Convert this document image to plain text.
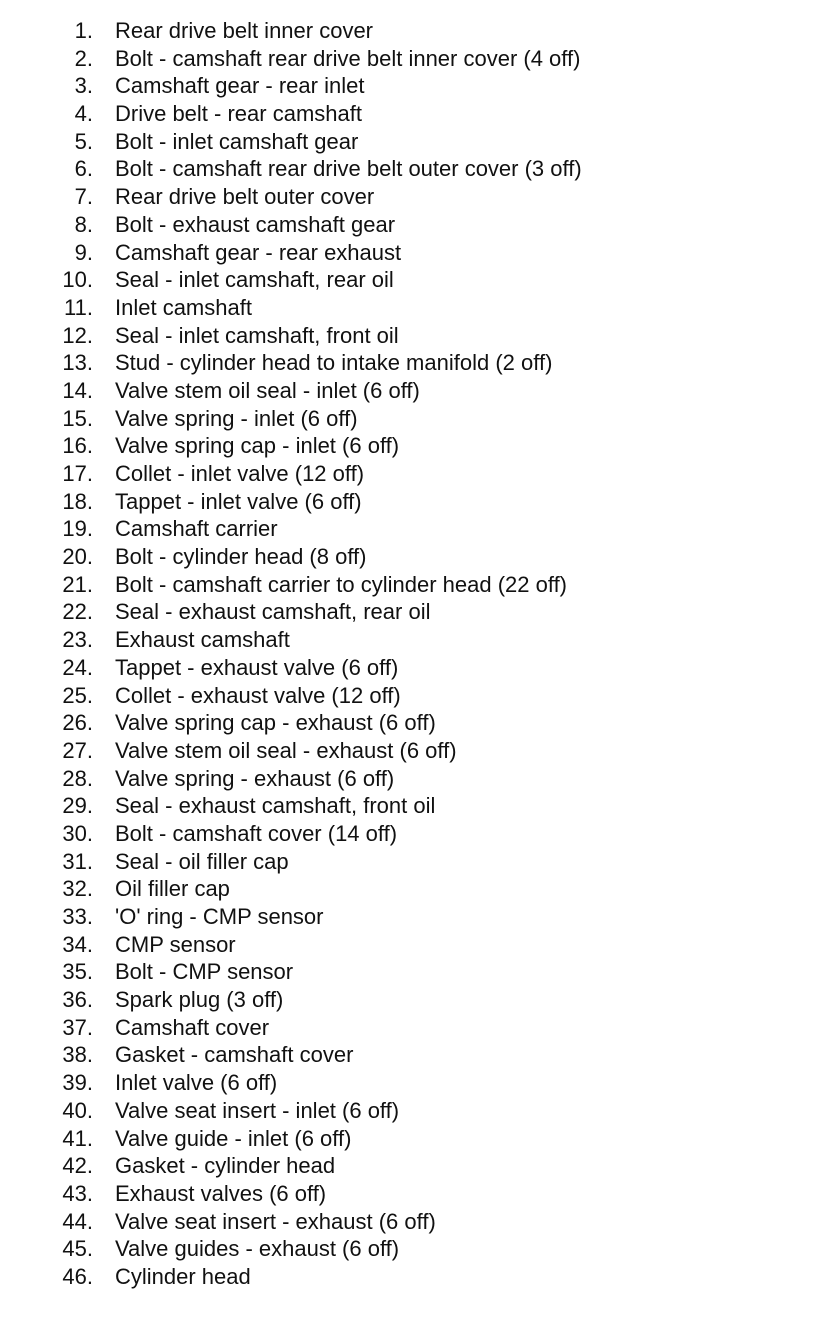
1. Rear drive belt inner cover
2. Bolt - camshaft rear drive belt inner cover (4 off)
3. Camshaft gear - rear inlet
4. Drive belt - rear camshaft
5. Bolt - inlet camshaft gear
6. Bolt - camshaft rear drive belt outer cover (3 off)
7. Rear drive belt outer cover
8. Bolt - exhaust camshaft gear
9. Camshaft gear - rear exhaust
10. Seal - inlet camshaft, rear oil
11. Inlet camshaft
12. Seal - inlet camshaft, front oil
13. Stud - cylinder head to intake manifold (2 off)
14. Valve stem oil seal - inlet (6 off)
15. Valve spring - inlet (6 off)
16. Valve spring cap - inlet (6 off)
17. Collet - inlet valve (12 off)
18. Tappet - inlet valve (6 off)
19. Camshaft carrier
20. Bolt - cylinder head (8 off)
21. Bolt - camshaft carrier to cylinder head (22 off)
22. Seal - exhaust camshaft, rear oil
23. Exhaust camshaft
24. Tappet - exhaust valve (6 off)
25. Collet - exhaust valve (12 off)
26. Valve spring cap - exhaust (6 off)
27. Valve stem oil seal - exhaust (6 off)
28. Valve spring - exhaust (6 off)
29. Seal - exhaust camshaft, front oil
30. Bolt - camshaft cover (14 off)
31. Seal - oil filler cap
32. Oil filler cap
33. 'O' ring - CMP sensor
34. CMP sensor
35. Bolt - CMP sensor
36. Spark plug (3 off)
37. Camshaft cover
38. Gasket - camshaft cover
39. Inlet valve (6 off)
40. Valve seat insert - inlet (6 off)
41. Valve guide - inlet (6 off)
42. Gasket - cylinder head
43. Exhaust valves (6 off)
44. Valve seat insert - exhaust (6 off)
45. Valve guides - exhaust (6 off)
46. Cylinder head
